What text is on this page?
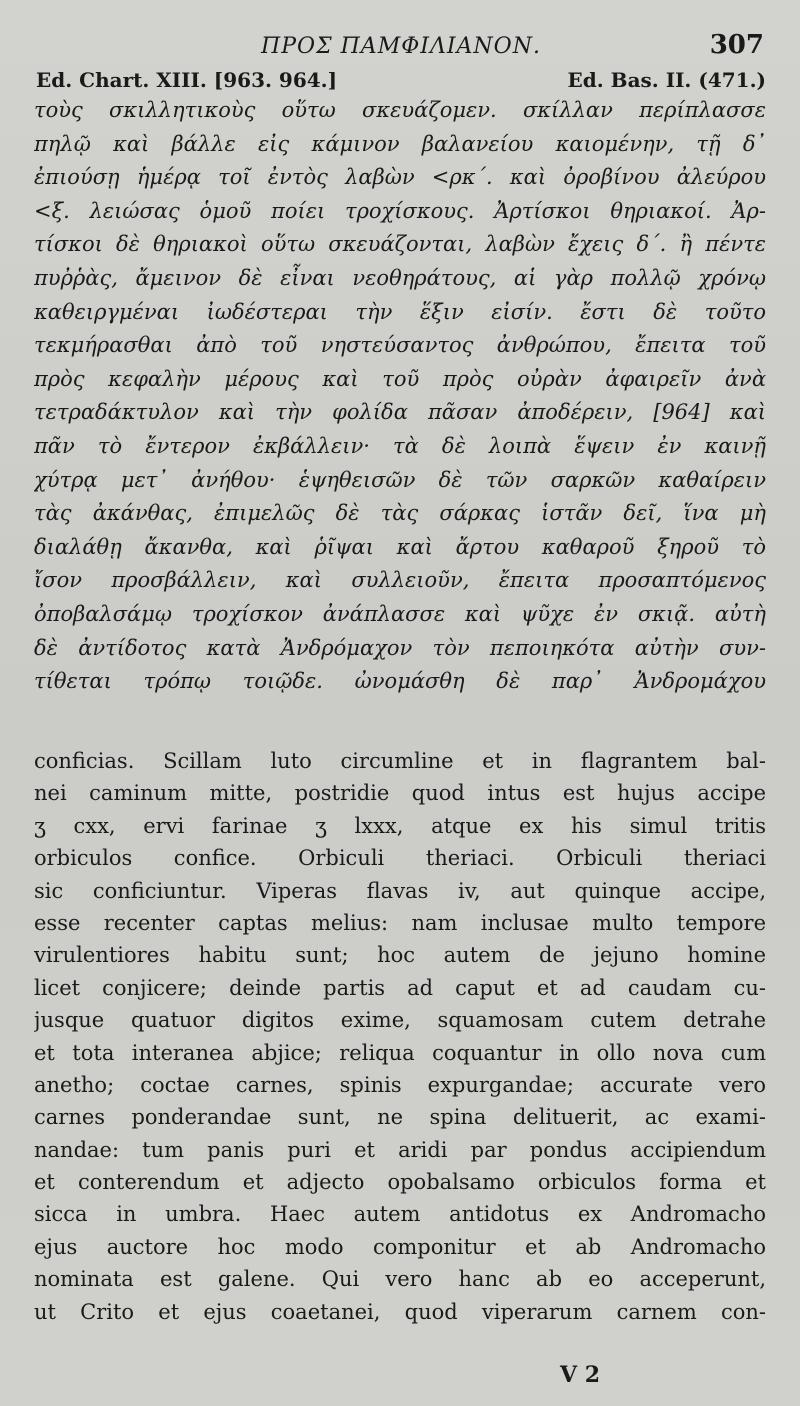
ΠΡΟΣ ΠΑΜΦΙΛΙΑΝΟΝ.	307
Ed. Chart. XIII. [963. 964.]	Ed. Bas. II. (471.)
τοὺς σκιλλητικοὺς οὕτω σκευάζομεν. σκίλλαν περίπλασσε
πηλῷ καὶ βάλλε εἰς κάμινον βαλανείου καιομένην, τῇ δ᾽
ἐπιούσῃ ἡμέρᾳ τοῖ ἐντὸς λαβὼν <ρκ´. καὶ ὀροβίνου ἀλεύρου
<ξ. λειώσας ὁμοῦ ποίει τροχίσκους. Ἀρτίσκοι θηριακοί. Ἀρ-
τίσκοι δὲ θηριακοὶ οὕτω σκευάζονται, λαβὼν ἔχεις δ´. ἢ πέντε
πυῤῥὰς, ἄμεινον δὲ εἶναι νεοθηράτους, αἱ γὰρ πολλῷ χρόνῳ
καθειργμέναι ἰωδέστεραι τὴν ἕξιν εἰσίν. ἔστι δὲ τοῦτο
τεκμήρασθαι ἀπὸ τοῦ νηστεύσαντος ἀνθρώπου, ἔπειτα τοῦ
πρὸς κεφαλὴν μέρους καὶ τοῦ πρὸς οὐρὰν ἀφαιρεῖν ἀνὰ
τετραδάκτυλον καὶ τὴν φολίδα πᾶσαν ἀποδέρειν, [964] καὶ
πᾶν τὸ ἔντερον ἐκβάλλειν· τὰ δὲ λοιπὰ ἕψειν ἐν καινῇ
χύτρᾳ μετ᾽ ἀνήθου· ἑψηθεισῶν δὲ τῶν σαρκῶν καθαίρειν
τὰς ἀκάνθας, ἐπιμελῶς δὲ τὰς σάρκας ἱστᾶν δεῖ, ἵνα μὴ
διαλάθῃ ἄκανθα, καὶ ῥῖψαι καὶ ἄρτου καθαροῦ ξηροῦ τὸ
ἴσον προσβάλλειν, καὶ συλλειοῦν, ἔπειτα προσαπτόμενος
ὀποβαλσάμῳ τροχίσκον ἀνάπλασσε καὶ ψῦχε ἐν σκιᾷ. αὐτὴ
δὲ ἀντίδοτος κατὰ Ἀνδρόμαχον τὸν πεποιηκότα αὐτὴν συν-
τίθεται τρόπῳ τοιῷδε. ὠνομάσθη δὲ παρ᾽ Ἀνδρομάχου
conficias. Scillam luto circumline et in flagrantem bal-
nei caminum mitte, postridie quod intus est hujus accipe
ʒ cxx, ervi farinae ʒ lxxx, atque ex his simul tritis
orbiculos confice. Orbiculi theriaci. Orbiculi theriaci
sic conficiuntur. Viperas flavas iv, aut quinque accipe,
esse recenter captas melius: nam inclusae multo tempore
virulentiores habitu sunt; hoc autem de jejuno homine
licet conjicere; deinde partis ad caput et ad caudam cu-
jusque quatuor digitos exime, squamosam cutem detrahe
et tota interanea abjice; reliqua coquantur in ollo nova cum
anetho; coctae carnes, spinis expurgandae; accurate vero
carnes ponderandae sunt, ne spina delituerit, ac exami-
nandae: tum panis puri et aridi par pondus accipiendum
et conterendum et adjecto opobalsamo orbiculos forma et
sicca in umbra. Haec autem antidotus ex Andromacho
ejus auctore hoc modo componitur et ab Andromacho
nominata est galene. Qui vero hanc ab eo acceperunt,
ut Crito et ejus coaetanei, quod viperarum carnem con-
V 2
